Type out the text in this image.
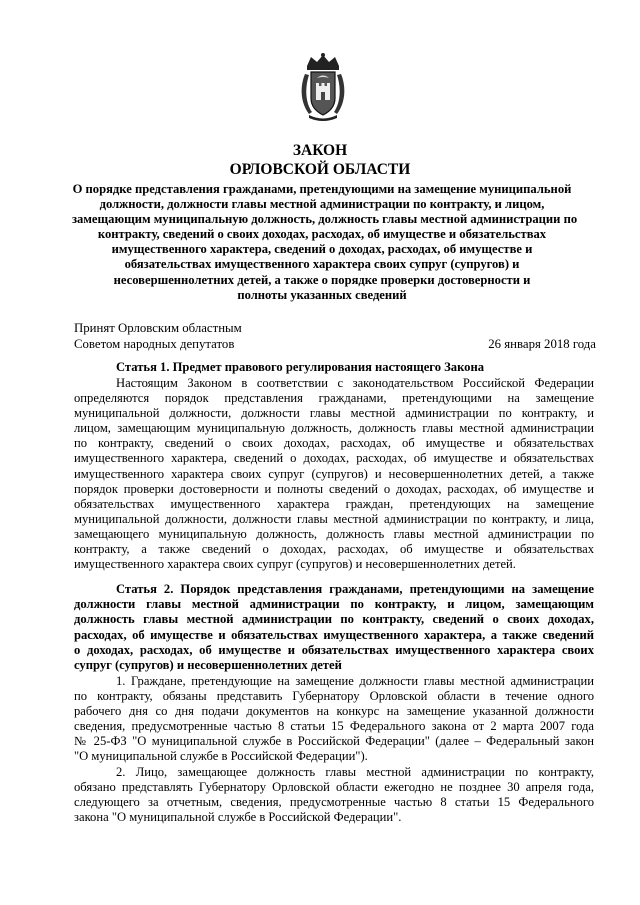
ЗАКОН
ОРЛОВСКОЙ ОБЛАСТИ
О порядке представления гражданами, претендующими на замещение муниципальной
должности, должности главы местной администрации по контракту, и лицом,
замещающим муниципальную должность, должность главы местной администрации по
контракту, сведений о своих доходах, расходах, об имуществе и обязательствах
имущественного характера, сведений о доходах, расходах, об имуществе и
обязательствах имущественного характера своих супруг (супругов) и
несовершеннолетних детей, а также о порядке проверки достоверности и
полноты указанных сведений
Принят Орловским областным
Советом народных депутатов	26 января 2018 года
Статья 1. Предмет правового регулирования настоящего Закона
Настоящим Законом в соответствии с законодательством Российской Федерации
определяются порядок представления гражданами, претендующими на замещение
муниципальной должности, должности главы местной администрации по контракту, и
лицом, замещающим муниципальную должность, должность главы местной администрации
по контракту, сведений о своих доходах, расходах, об имуществе и обязательствах
имущественного характера, сведений о доходах, расходах, об имуществе и обязательствах
имущественного характера своих супруг (супругов) и несовершеннолетних детей, а также
порядок проверки достоверности и полноты сведений о доходах, расходах, об имуществе и
обязательствах имущественного характера граждан, претендующих на замещение
муниципальной должности, должности главы местной администрации по контракту, и лица,
замещающего муниципальную должность, должность главы местной администрации по
контракту, а также сведений о доходах, расходах, об имуществе и обязательствах
имущественного характера своих супруг (супругов) и несовершеннолетних детей.
Статья 2. Порядок представления гражданами, претендующими на замещение
должности главы местной администрации по контракту, и лицом, замещающим
должность главы местной администрации по контракту, сведений о своих доходах,
расходах, об имуществе и обязательствах имущественного характера, а также сведений
о доходах, расходах, об имуществе и обязательствах имущественного характера своих
супруг (супругов) и несовершеннолетних детей
1. Граждане, претендующие на замещение должности главы местной администрации
по контракту, обязаны представить Губернатору Орловской области в течение одного
рабочего дня со дня подачи документов на конкурс на замещение указанной должности
сведения, предусмотренные частью 8 статьи 15 Федерального закона от 2 марта 2007 года
№ 25-ФЗ "О муниципальной службе в Российской Федерации" (далее – Федеральный закон
"О муниципальной службе в Российской Федерации").
2. Лицо, замещающее должность главы местной администрации по контракту,
обязано представлять Губернатору Орловской области ежегодно не позднее 30 апреля года,
следующего за отчетным, сведения, предусмотренные частью 8 статьи 15 Федерального
закона "О муниципальной службе в Российской Федерации".
